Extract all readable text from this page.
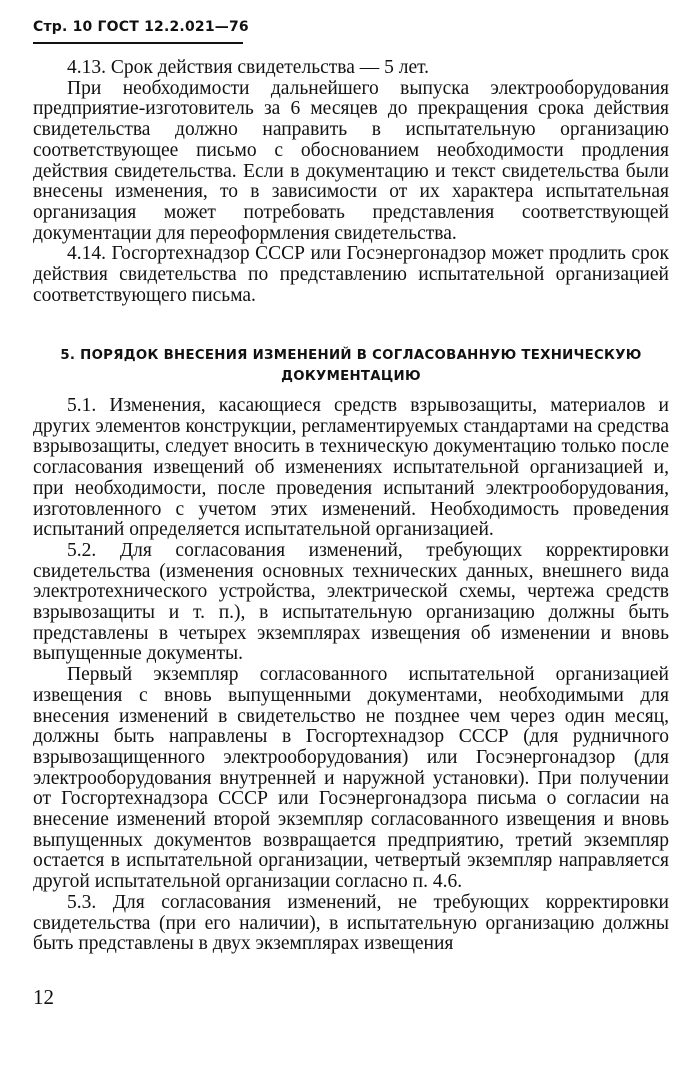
Стр. 10 ГОСТ 12.2.021—76

4.13. Срок действия свидетельства — 5 лет.

При необходимости дальнейшего выпуска электрооборудования предприятие-изготовитель за 6 месяцев до прекращения срока действия свидетельства должно направить в испытательную организацию соответствующее письмо с обоснованием необходимости продления действия свидетельства. Если в документацию и текст свидетельства были внесены изменения, то в зависимости от их характера испытательная организация может потребовать представления соответствующей документации для переоформления свидетельства.

4.14. Госгортехнадзор СССР или Госэнергонадзор может продлить срок действия свидетельства по представлению испытательной организацией соответствующего письма.

5. ПОРЯДОК ВНЕСЕНИЯ ИЗМЕНЕНИЙ В СОГЛАСОВАННУЮ ТЕХНИЧЕСКУЮ
ДОКУМЕНТАЦИЮ

5.1. Изменения, касающиеся средств взрывозащиты, материалов и других элементов конструкции, регламентируемых стандартами на средства взрывозащиты, следует вносить в техническую документацию только после согласования извещений об изменениях испытательной организацией и, при необходимости, после проведения испытаний электрооборудования, изготовленного с учетом этих изменений. Необходимость проведения испытаний определяется испытательной организацией.

5.2. Для согласования изменений, требующих корректировки свидетельства (изменения основных технических данных, внешнего вида электротехнического устройства, электрической схемы, чертежа средств взрывозащиты и т. п.), в испытательную организацию должны быть представлены в четырех экземплярах извещения об изменении и вновь выпущенные документы.

Первый экземпляр согласованного испытательной организацией извещения с вновь выпущенными документами, необходимыми для внесения изменений в свидетельство не позднее чем через один месяц, должны быть направлены в Госгортехнадзор СССР (для рудничного взрывозащищенного электрооборудования) или Госэнергонадзор (для электрооборудования внутренней и наружной установки). При получении от Госгортехнадзора СССР или Госэнергонадзора письма о согласии на внесение изменений второй экземпляр согласованного извещения и вновь выпущенных документов возвращается предприятию, третий экземпляр остается в испытательной организации, четвертый экземпляр направляется другой испытательной организации согласно п. 4.6.

5.3. Для согласования изменений, не требующих корректировки свидетельства (при его наличии), в испытательную организацию должны быть представлены в двух экземплярах извещения

12
